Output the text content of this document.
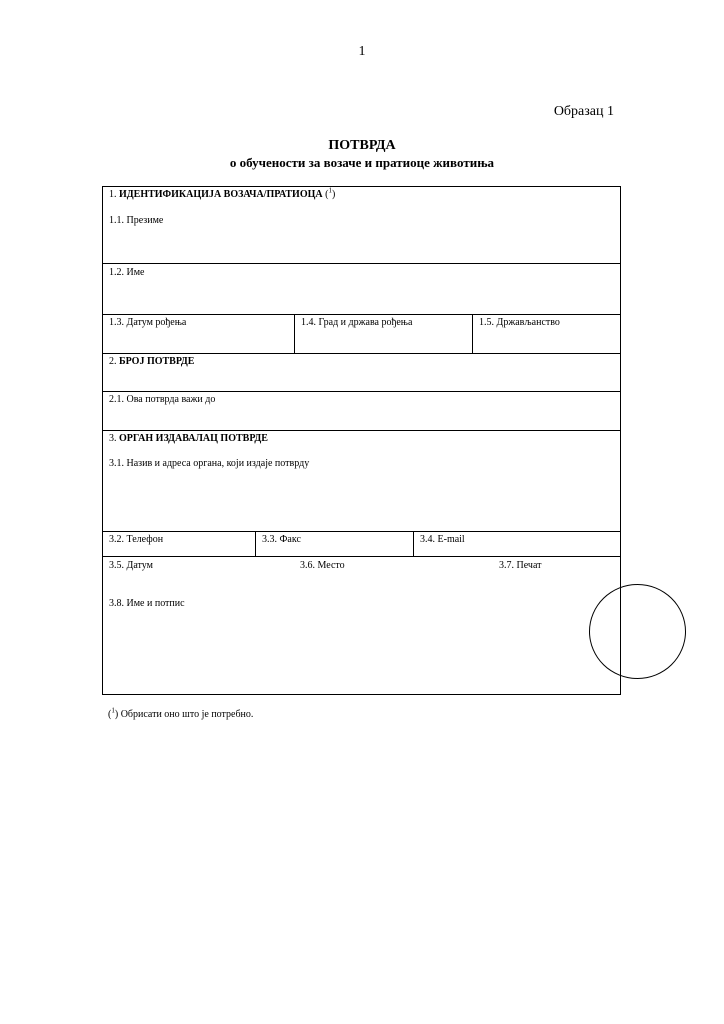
1
Образац 1
ПОТВРДА
о обучености за возаче и пратиоце животиња
1. ИДЕНТИФИКАЦИЈА ВОЗАЧА/ПРАТИОЦА ($^1$)
1.1. Презиме
1.2. Име
1.3. Датум рођења	1.4. Град и држава рођења	1.5. Држављанство
2. БРОЈ ПОТВРДЕ
2.1. Ова потврда важи до
3. ОРГАН ИЗДАВАЛАЦ ПОТВРДЕ
3.1. Назив и адреса органа, који издаје потврду
3.2. Телефон	3.3. Факс	3.4. E-mail
3.5. Датум	3.6. Место	3.7. Печат
3.8. Име и потпис
($^1$) Обрисати оно што је потребно.
